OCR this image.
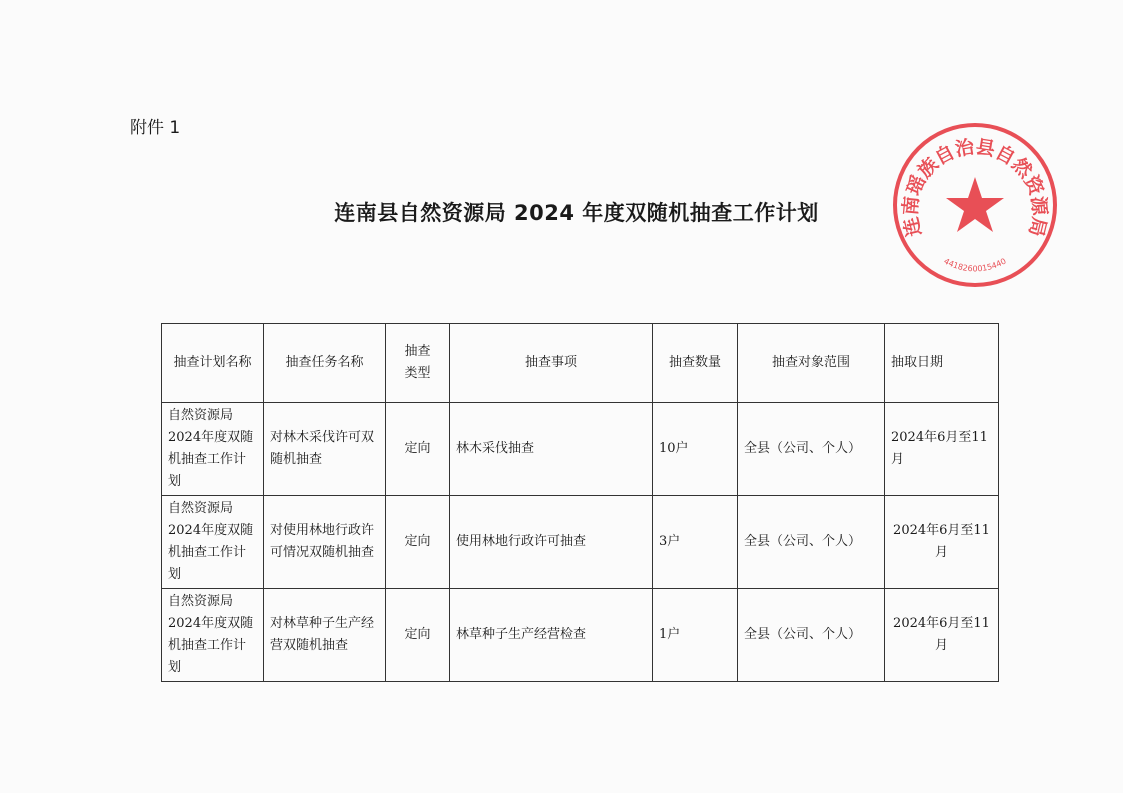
附件 1
连南县自然资源局 2024 年度双随机抽查工作计划
抽查计划名称	抽查任务名称	抽查类型	抽查事项	抽查数量	抽查对象范围	抽取日期
自然资源局2024年度双随机抽查工作计划	对林木采伐许可双随机抽查	定向	林木采伐抽查	10户	全县（公司、个人）	2024年6月至11月
自然资源局2024年度双随机抽查工作计划	对使用林地行政许可情况双随机抽查	定向	使用林地行政许可抽查	3户	全县（公司、个人）	2024年6月至11月
自然资源局2024年度双随机抽查工作计划	对林草种子生产经营双随机抽查	定向	林草种子生产经营检查	1户	全县（公司、个人）	2024年6月至11月
连南瑶族自治县自然资源局
4418260015440
